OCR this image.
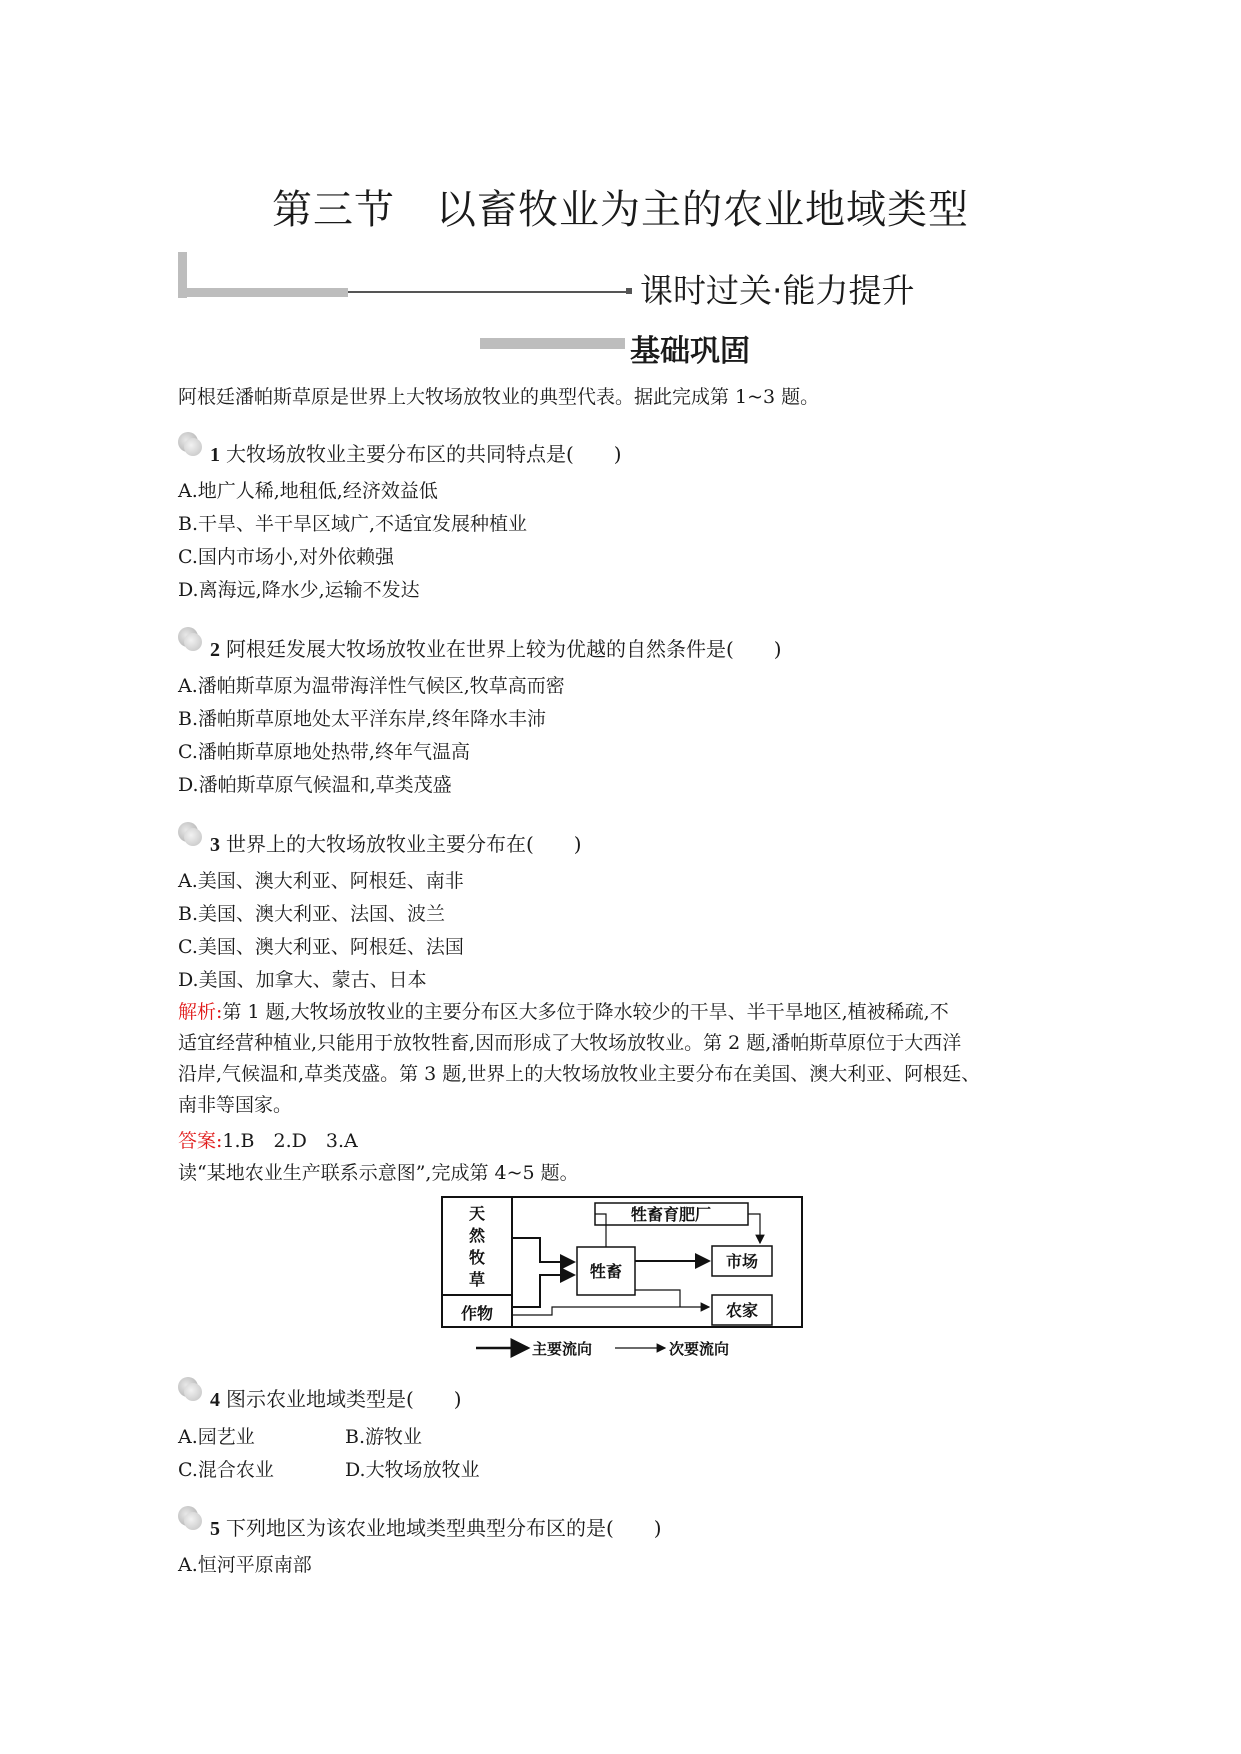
第三节　以畜牧业为主的农业地域类型
课时过关·能力提升
基础巩固
阿根廷潘帕斯草原是世界上大牧场放牧业的典型代表。据此完成第 1~3 题。
1 大牧场放牧业主要分布区的共同特点是(　　)
A.地广人稀,地租低,经济效益低
B.干旱、半干旱区域广,不适宜发展种植业
C.国内市场小,对外依赖强
D.离海远,降水少,运输不发达
2 阿根廷发展大牧场放牧业在世界上较为优越的自然条件是(　　)
A.潘帕斯草原为温带海洋性气候区,牧草高而密
B.潘帕斯草原地处太平洋东岸,终年降水丰沛
C.潘帕斯草原地处热带,终年气温高
D.潘帕斯草原气候温和,草类茂盛
3 世界上的大牧场放牧业主要分布在(　　)
A.美国、澳大利亚、阿根廷、南非
B.美国、澳大利亚、法国、波兰
C.美国、澳大利亚、阿根廷、法国
D.美国、加拿大、蒙古、日本
解析:第 1 题,大牧场放牧业的主要分布区大多位于降水较少的干旱、半干旱地区,植被稀疏,不
适宜经营种植业,只能用于放牧牲畜,因而形成了大牧场放牧业。第 2 题,潘帕斯草原位于大西洋
沿岸,气候温和,草类茂盛。第 3 题,世界上的大牧场放牧业主要分布在美国、澳大利亚、阿根廷、
南非等国家。
答案:1.B　2.D　3.A
读“某地农业生产联系示意图”,完成第 4~5 题。
天
然
牧
草
作物
牲畜育肥厂
牲畜
市场
农家
主要流向	次要流向
4 图示农业地域类型是(　　)
A.园艺业	B.游牧业
C.混合农业	D.大牧场放牧业
5 下列地区为该农业地域类型典型分布区的是(　　)
A.恒河平原南部
